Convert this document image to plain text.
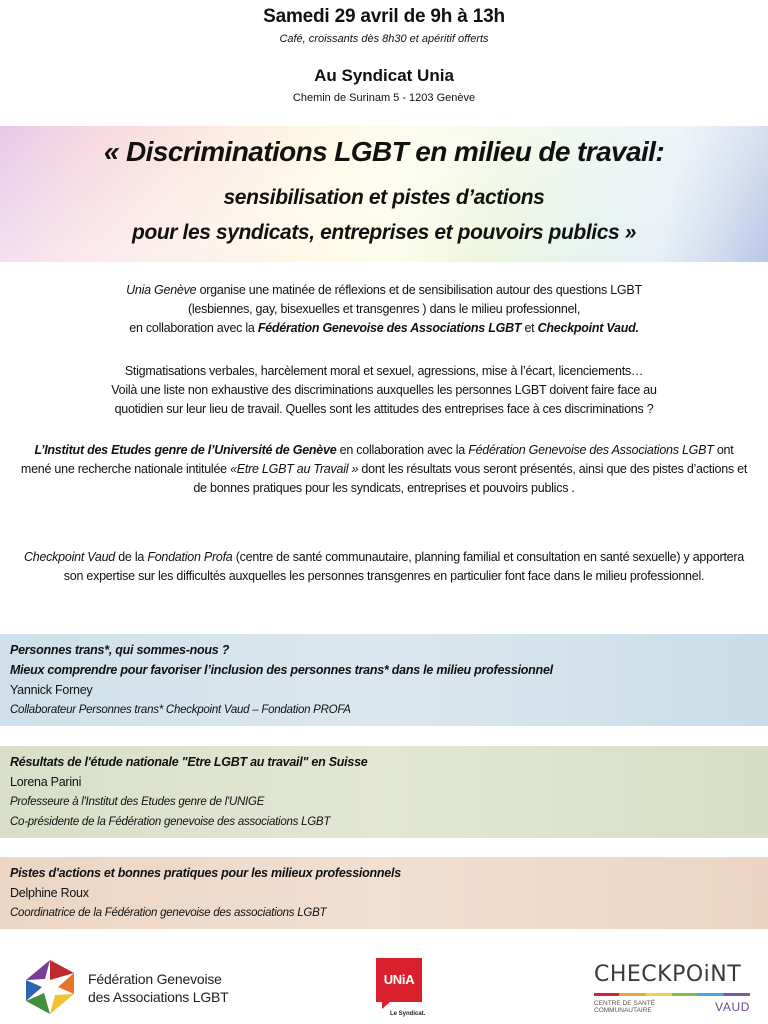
Samedi 29 avril de 9h à 13h
Café, croissants dès 8h30 et apéritif offerts
Au Syndicat Unia
Chemin de Surinam 5 - 1203 Genève
« Discriminations LGBT en milieu de travail:
sensibilisation et pistes d’actions
pour les syndicats, entreprises et pouvoirs publics »
Unia Genève organise une matinée de réflexions et de sensibilisation autour des questions LGBT
(lesbiennes, gay, bisexuelles et transgenres ) dans le milieu professionnel,
en collaboration avec la Fédération Genevoise des Associations LGBT et Checkpoint Vaud.
Stigmatisations verbales, harcèlement moral et sexuel, agressions, mise à l’écart, licenciements…
Voilà une liste non exhaustive des discriminations auxquelles les personnes LGBT doivent faire face au
quotidien sur leur lieu de travail. Quelles sont les attitudes des entreprises face à ces discriminations ?
L’Institut des Etudes genre de l’Université de Genève en collaboration avec la Fédération Genevoise des Associations LGBT ont mené une recherche nationale intitulée «Etre LGBT au Travail » dont les résultats vous seront présentés, ainsi que des pistes d’actions et de bonnes pratiques pour les syndicats, entreprises et pouvoirs publics .
Checkpoint Vaud de la Fondation Profa (centre de santé communautaire, planning familial et consultation en santé sexuelle) y apportera son expertise sur les difficultés auxquelles les personnes transgenres en particulier font face dans le milieu professionnel.
Personnes trans*, qui sommes-nous ?
Mieux comprendre pour favoriser l’inclusion des personnes trans* dans le milieu professionnel
Yannick Forney
Collaborateur Personnes trans* Checkpoint Vaud – Fondation PROFA
Résultats de l'étude nationale "Etre LGBT au travail" en Suisse
Lorena Parini
Professeure à l'Institut des Etudes genre de l'UNIGE
Co-présidente de la Fédération genevoise des associations LGBT
Pistes d'actions et bonnes pratiques pour les milieux professionnels
Delphine Roux
Coordinatrice de la Fédération genevoise des associations LGBT
Fédération Genevoise
des Associations LGBT
UNiA
Le Syndicat.
CHECKPOiNT
CENTRE DE SANTÉ
COMMUNAUTAIRE	VAUD
